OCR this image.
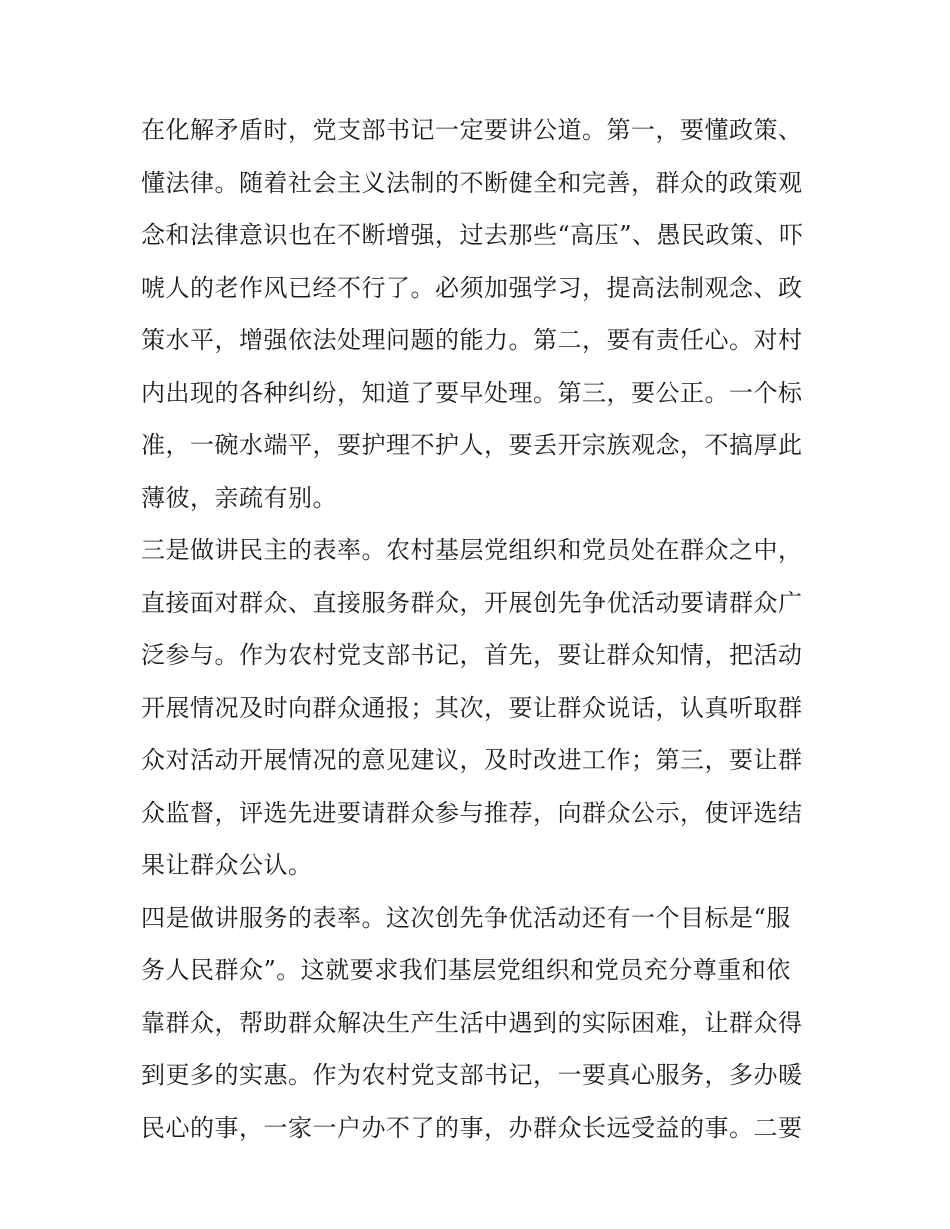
在化解矛盾时，党支部书记一定要讲公道。第一，要懂政策、
懂法律。随着社会主义法制的不断健全和完善，群众的政策观
念和法律意识也在不断增强，过去那些“高压”、愚民政策、吓
唬人的老作风已经不行了。必须加强学习，提高法制观念、政
策水平，增强依法处理问题的能力。第二，要有责任心。对村
内出现的各种纠纷，知道了要早处理。第三，要公正。一个标
准，一碗水端平，要护理不护人，要丢开宗族观念，不搞厚此
薄彼，亲疏有别。
三是做讲民主的表率。农村基层党组织和党员处在群众之中，
直接面对群众、直接服务群众，开展创先争优活动要请群众广
泛参与。作为农村党支部书记，首先，要让群众知情，把活动
开展情况及时向群众通报；其次，要让群众说话，认真听取群
众对活动开展情况的意见建议，及时改进工作；第三，要让群
众监督，评选先进要请群众参与推荐，向群众公示，使评选结
果让群众公认。
四是做讲服务的表率。这次创先争优活动还有一个目标是“服
务人民群众”。这就要求我们基层党组织和党员充分尊重和依
靠群众，帮助群众解决生产生活中遇到的实际困难，让群众得
到更多的实惠。作为农村党支部书记，一要真心服务，多办暖
民心的事，一家一户办不了的事，办群众长远受益的事。二要
